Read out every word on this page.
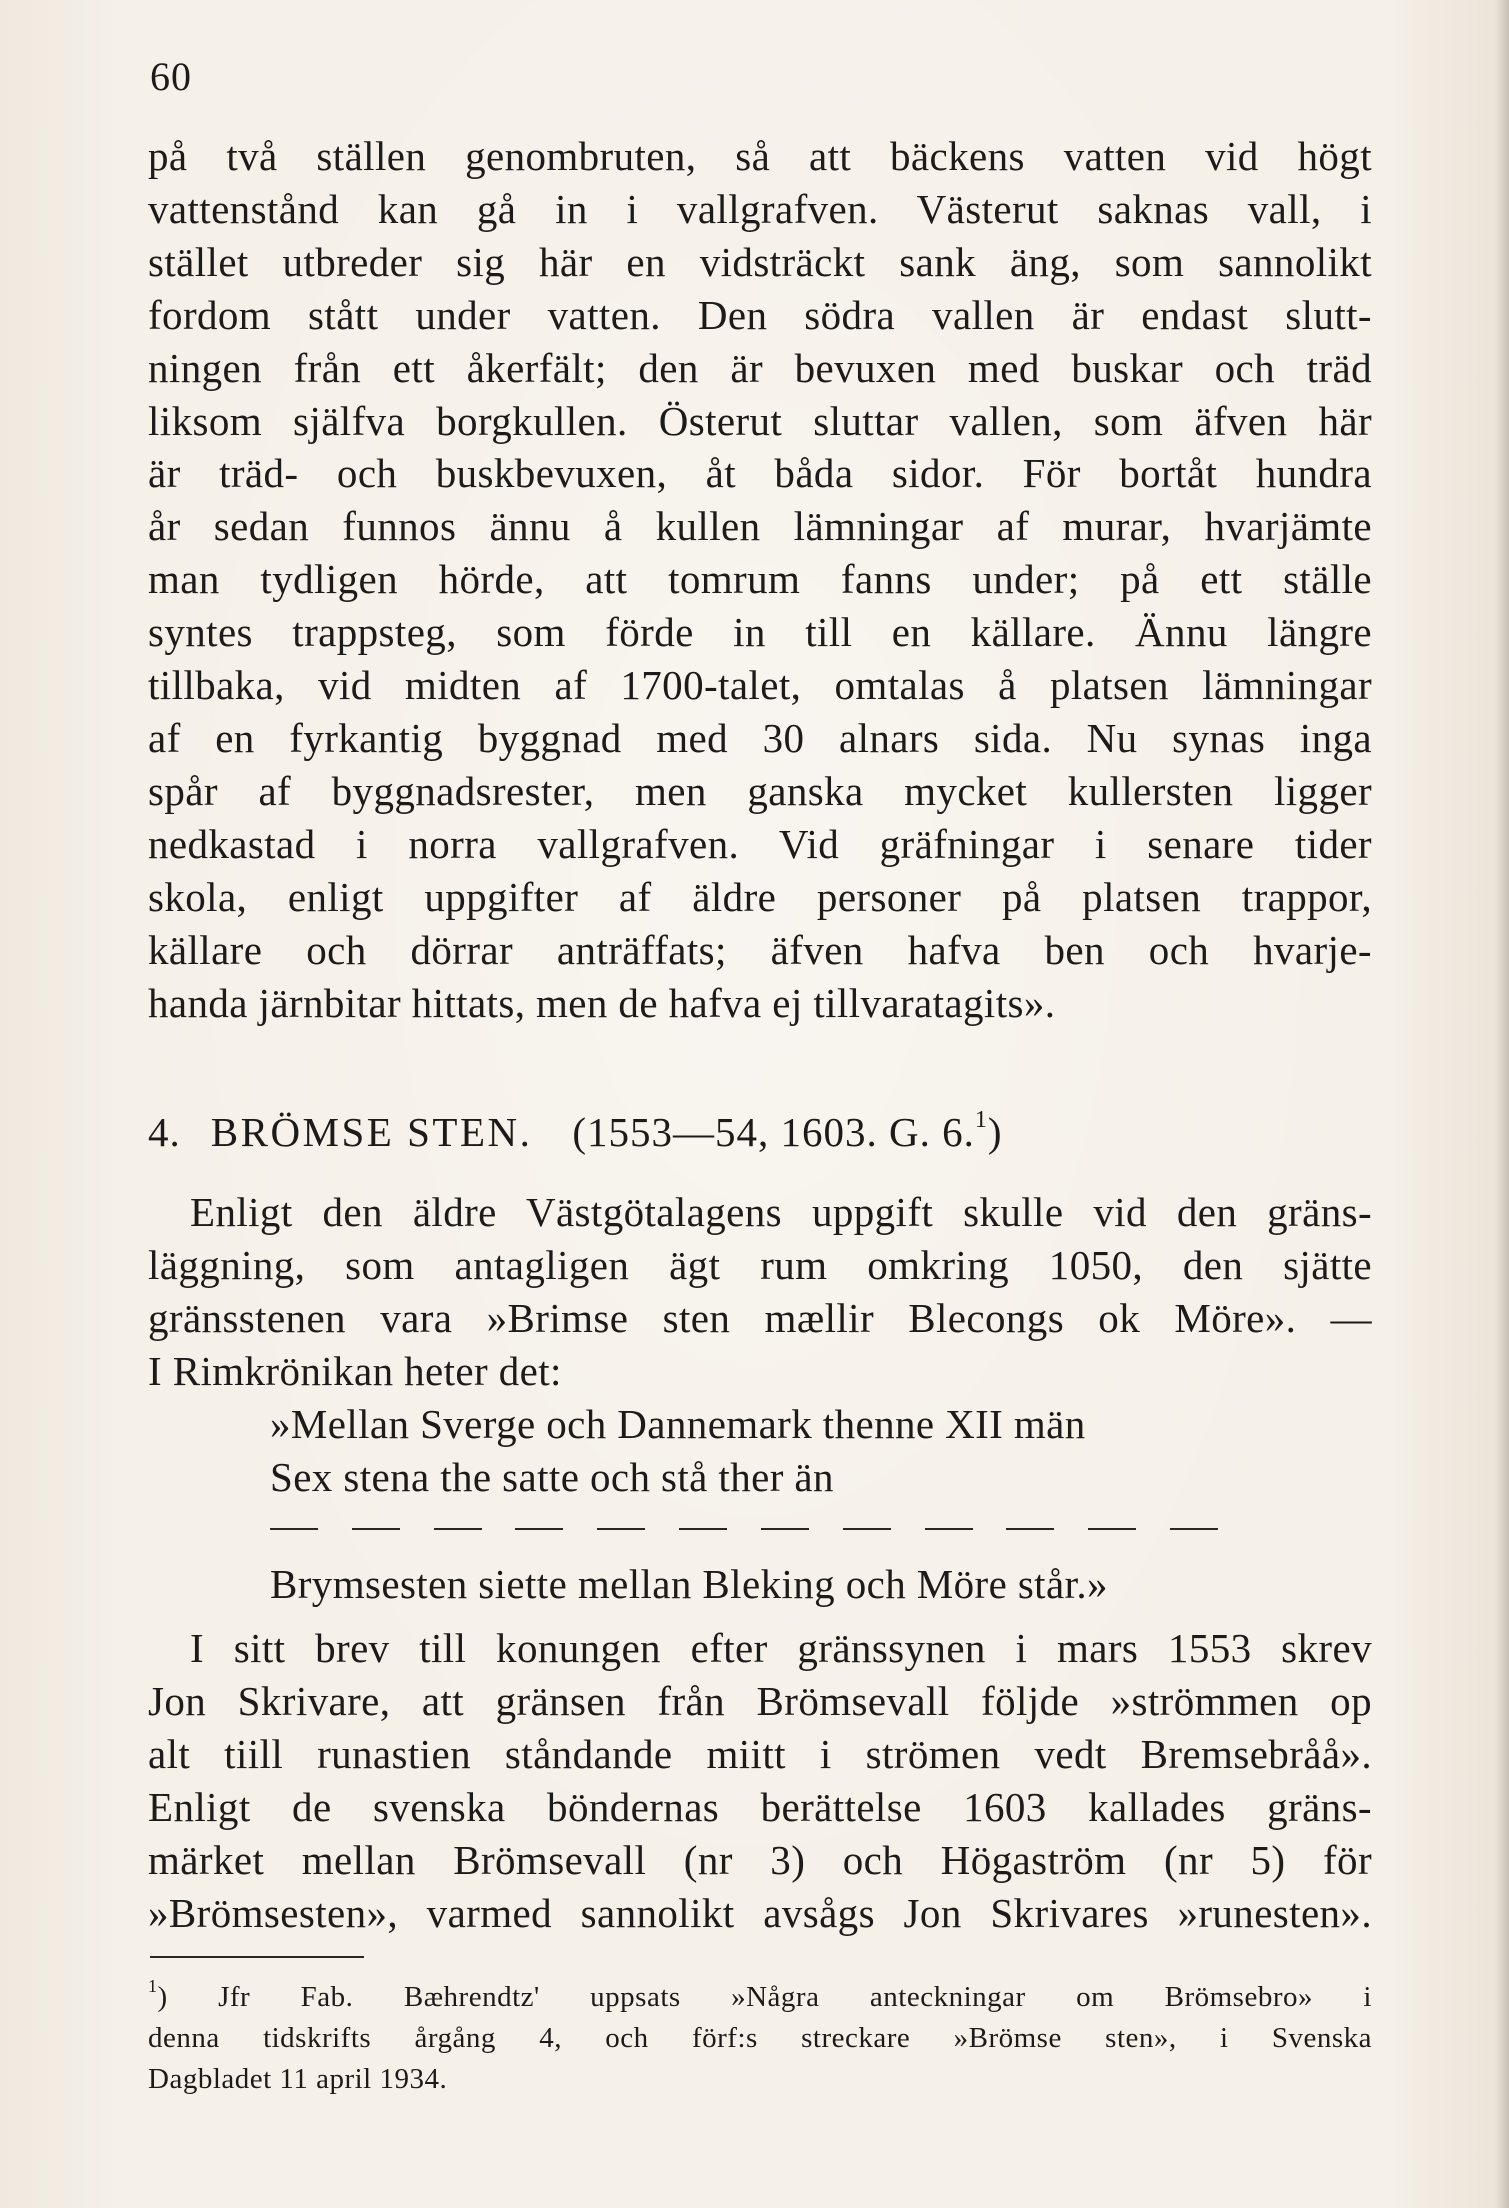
60
på två ställen genombruten, så att bäckens vatten vid högt
vattenstånd kan gå in i vallgrafven. Västerut saknas vall, i
stället utbreder sig här en vidsträckt sank äng, som sannolikt
fordom stått under vatten. Den södra vallen är endast slutt-
ningen från ett åkerfält; den är bevuxen med buskar och träd
liksom själfva borgkullen. Österut sluttar vallen, som äfven här
är träd- och buskbevuxen, åt båda sidor. För bortåt hundra
år sedan funnos ännu å kullen lämningar af murar, hvarjämte
man tydligen hörde, att tomrum fanns under; på ett ställe
syntes trappsteg, som förde in till en källare. Ännu längre
tillbaka, vid midten af 1700-talet, omtalas å platsen lämningar
af en fyrkantig byggnad med 30 alnars sida. Nu synas inga
spår af byggnadsrester, men ganska mycket kullersten ligger
nedkastad i norra vallgrafven. Vid gräfningar i senare tider
skola, enligt uppgifter af äldre personer på platsen trappor,
källare och dörrar anträffats; äfven hafva ben och hvarje-
handa järnbitar hittats, men de hafva ej tillvaratagits».
4. BRÖMSE STEN. (1553—54, 1603. G. 6.$^1$)
Enligt den äldre Västgötalagens uppgift skulle vid den gräns-
läggning, som antagligen ägt rum omkring 1050, den sjätte
gränsstenen vara »Brimse sten mællir Blecongs ok Möre». —
I Rimkrönikan heter det:
»Mellan Sverge och Dannemark thenne XII män
Sex stena the satte och stå ther än
Brymsesten siette mellan Bleking och Möre står.»
I sitt brev till konungen efter gränssynen i mars 1553 skrev
Jon Skrivare, att gränsen från Brömsevall följde »strömmen op
alt tiill runastien ståndande miitt i strömen vedt Bremsebråå».
Enligt de svenska böndernas berättelse 1603 kallades gräns-
märket mellan Brömsevall (nr 3) och Högaström (nr 5) för
»Brömsesten», varmed sannolikt avsågs Jon Skrivares »runesten».
$^1$) Jfr Fab. Bæhrendtz' uppsats »Några anteckningar om Brömsebro» i
denna tidskrifts årgång 4, och förf:s streckare »Brömse sten», i Svenska
Dagbladet 11 april 1934.
